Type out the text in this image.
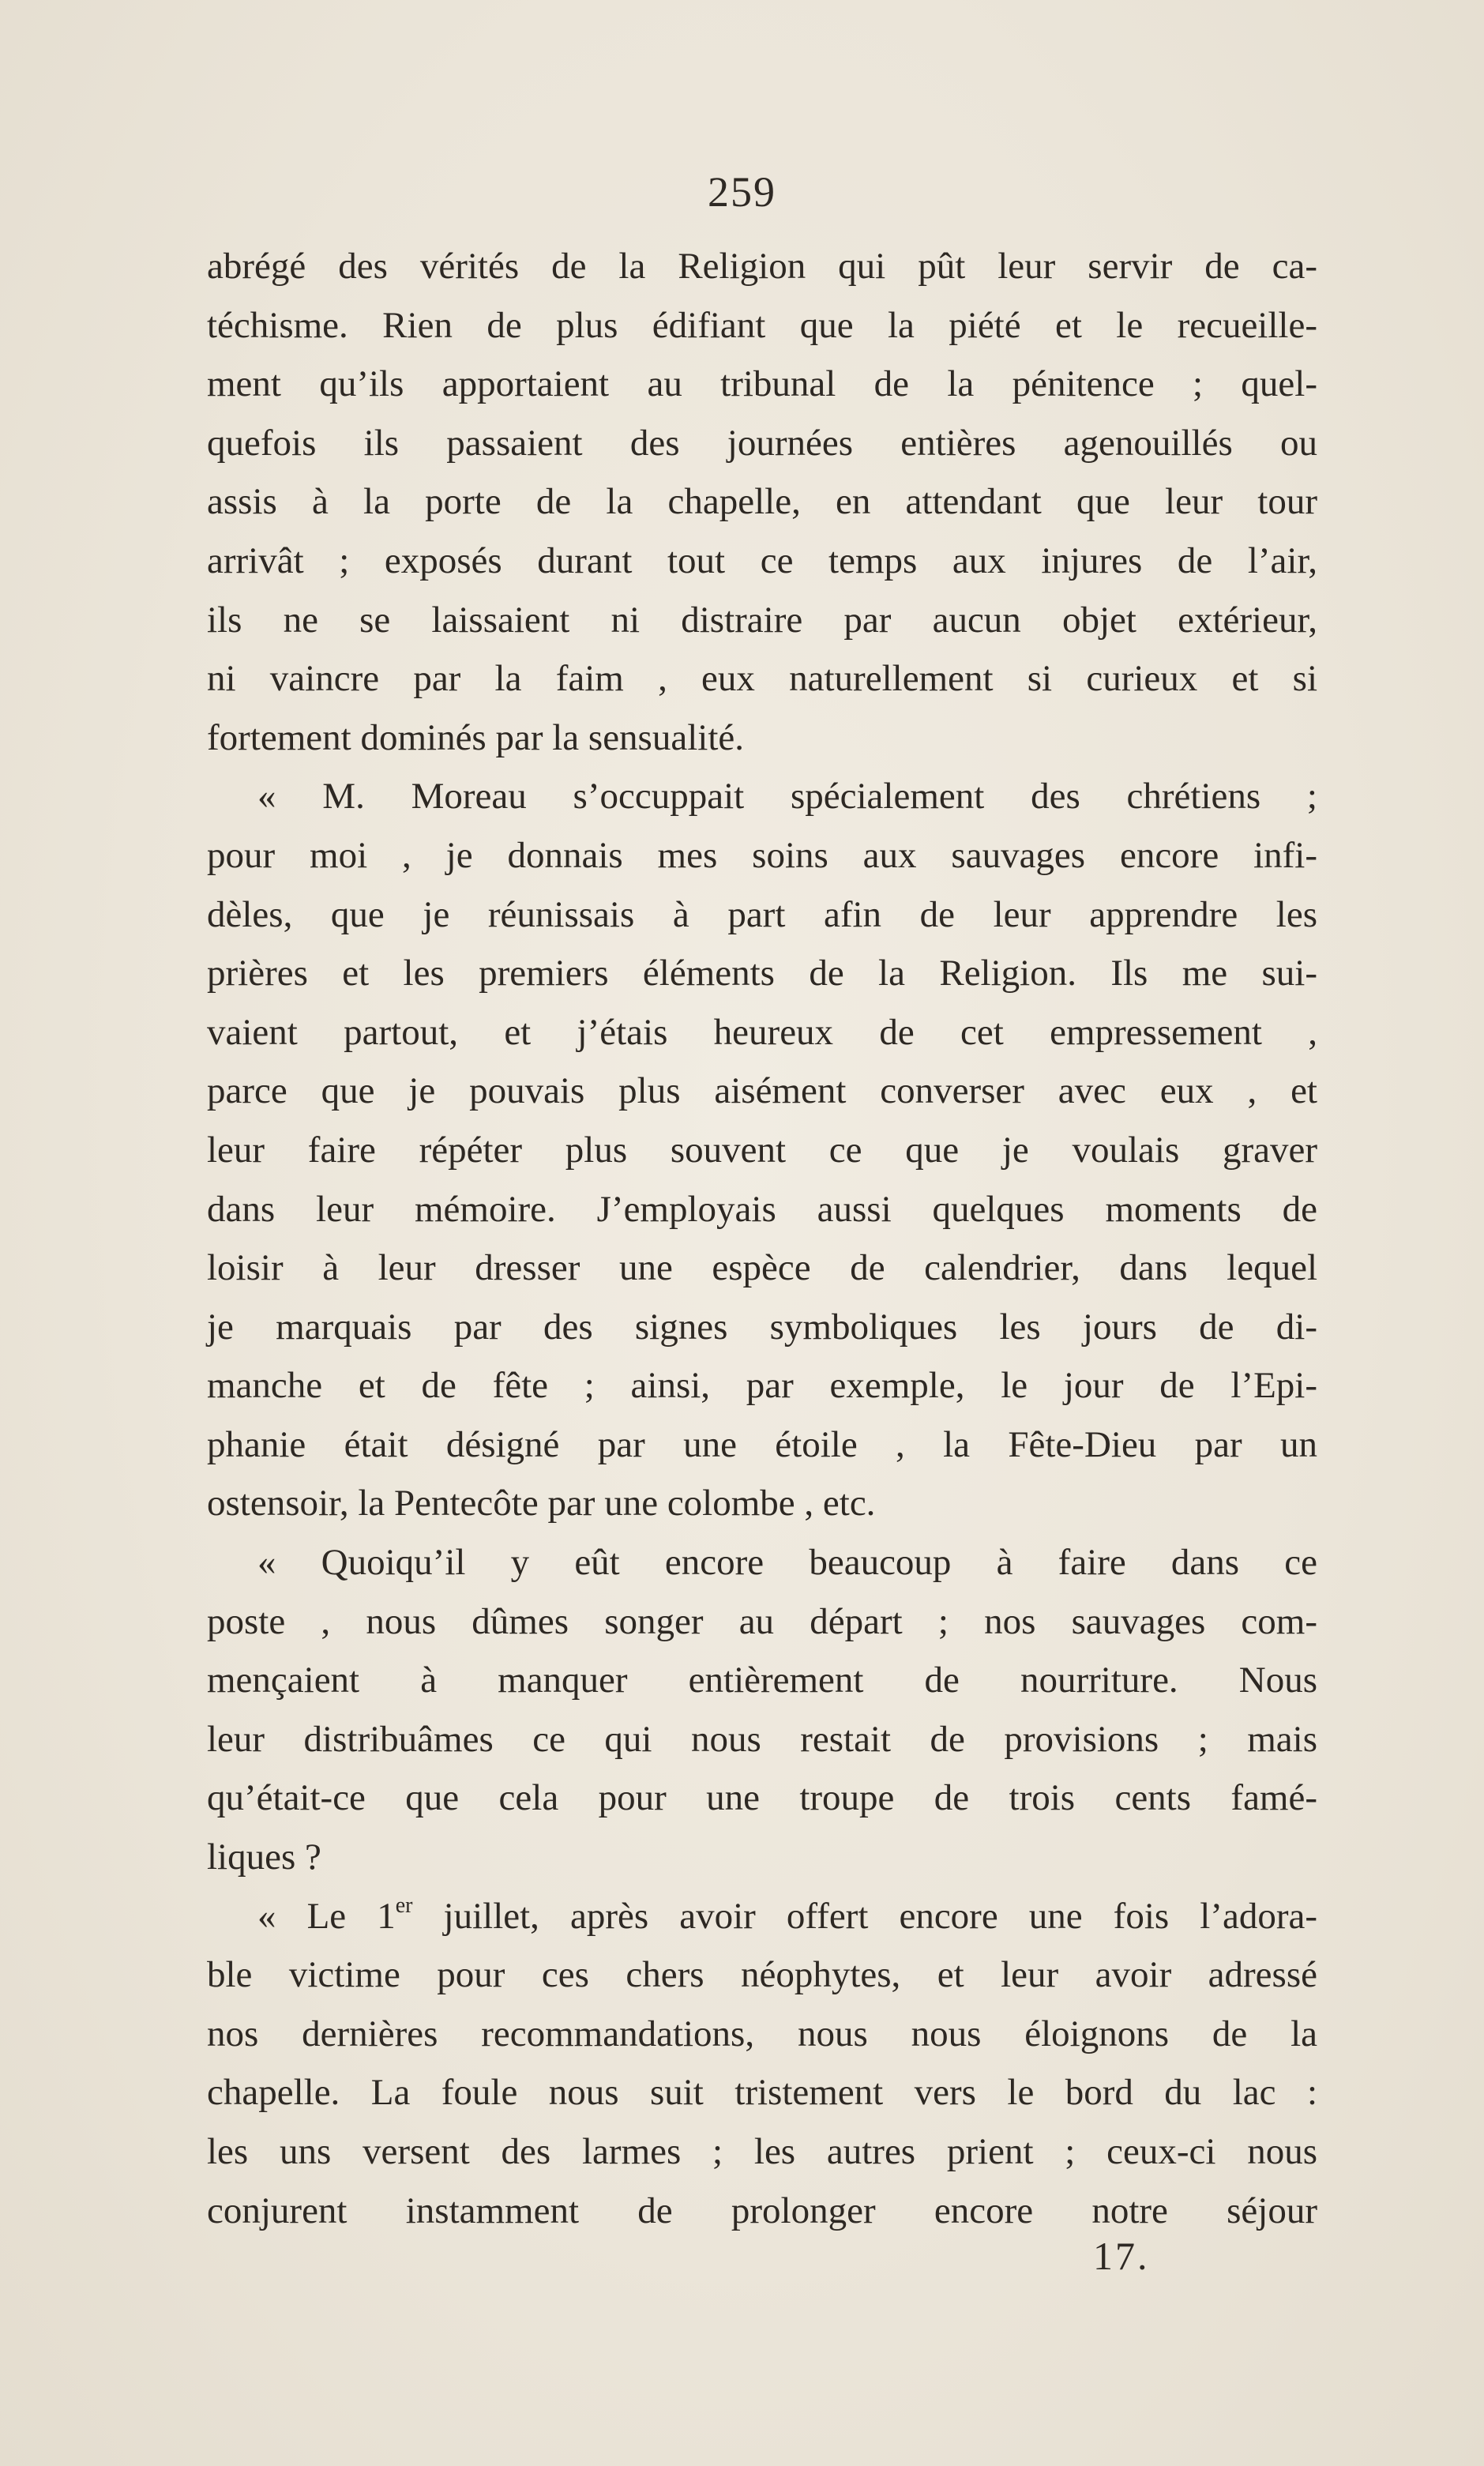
259
abrégé des vérités de la Religion qui pût leur servir de ca-
téchisme. Rien de plus édifiant que la piété et le recueille-
ment qu’ils apportaient au tribunal de la pénitence ; quel-
quefois ils passaient des journées entières agenouillés ou
assis à la porte de la chapelle, en attendant que leur tour
arrivât ; exposés durant tout ce temps aux injures de l’air,
ils ne se laissaient ni distraire par aucun objet extérieur,
ni vaincre par la faim , eux naturellement si curieux et si
fortement dominés par la sensualité.
« M. Moreau s’occuppait spécialement des chrétiens ;
pour moi , je donnais mes soins aux sauvages encore infi-
dèles, que je réunissais à part afin de leur apprendre les
prières et les premiers éléments de la Religion. Ils me sui-
vaient partout, et j’étais heureux de cet empressement ,
parce que je pouvais plus aisément converser avec eux , et
leur faire répéter plus souvent ce que je voulais graver
dans leur mémoire. J’employais aussi quelques moments de
loisir à leur dresser une espèce de calendrier, dans lequel
je marquais par des signes symboliques les jours de di-
manche et de fête ; ainsi, par exemple, le jour de l’Epi-
phanie était désigné par une étoile , la Fête-Dieu par un
ostensoir, la Pentecôte par une colombe , etc.
« Quoiqu’il y eût encore beaucoup à faire dans ce
poste , nous dûmes songer au départ ; nos sauvages com-
mençaient à manquer entièrement de nourriture. Nous
leur distribuâmes ce qui nous restait de provisions ; mais
qu’était-ce que cela pour une troupe de trois cents famé-
liques ?
« Le 1er juillet, après avoir offert encore une fois l’adora-
ble victime pour ces chers néophytes, et leur avoir adressé
nos dernières recommandations, nous nous éloignons de la
chapelle. La foule nous suit tristement vers le bord du lac :
les uns versent des larmes ; les autres prient ; ceux-ci nous
conjurent instamment de prolonger encore notre séjour
17.
